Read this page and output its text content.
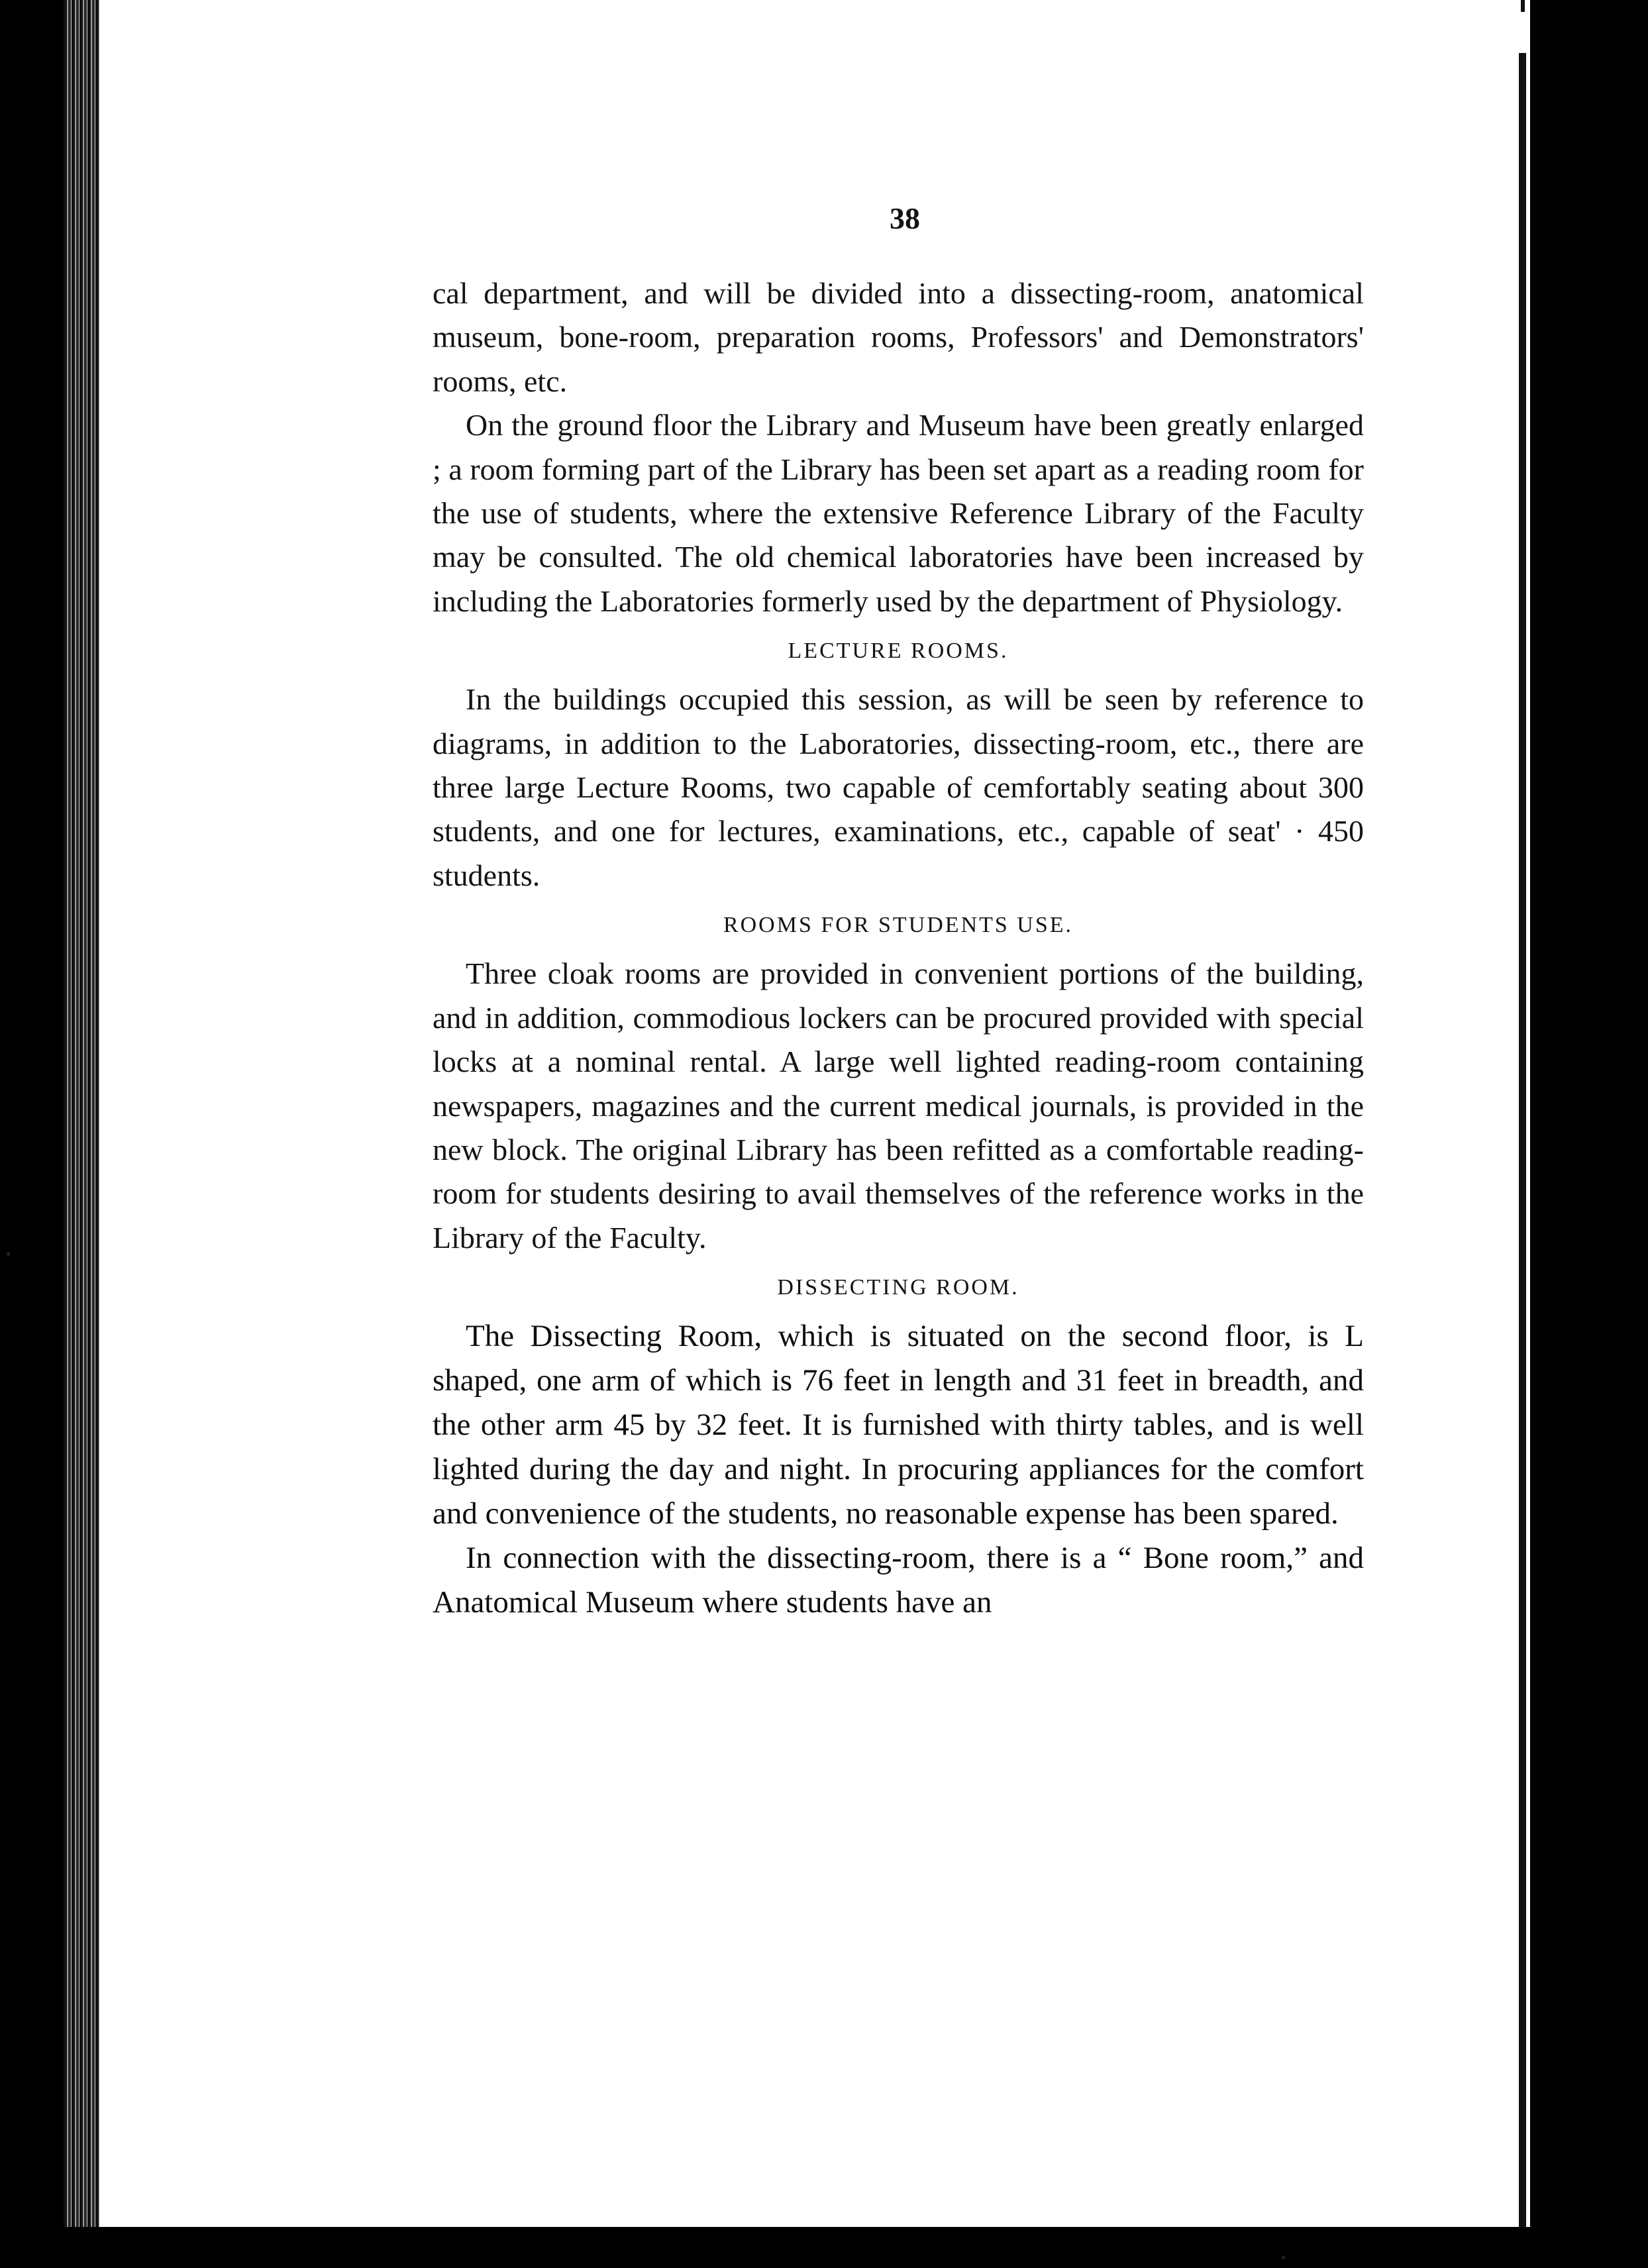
38

cal department, and will be divided into a dissecting-room, anatomical museum, bone-room, preparation rooms, Professors' and Demonstrators' rooms, etc.

On the ground floor the Library and Museum have been greatly enlarged ; a room forming part of the Library has been set apart as a reading room for the use of students, where the extensive Reference Library of the Faculty may be consulted. The old chemical laboratories have been increased by including the Laboratories formerly used by the department of Physiology.

LECTURE ROOMS.

In the buildings occupied this session, as will be seen by reference to diagrams, in addition to the Laboratories, dissecting-room, etc., there are three large Lecture Rooms, two capable of cemfortably seating about 300 students, and one for lectures, examinations, etc., capable of seat' · 450 students.

ROOMS FOR STUDENTS USE.

Three cloak rooms are provided in convenient portions of the building, and in addition, commodious lockers can be procured provided with special locks at a nominal rental. A large well lighted reading-room containing newspapers, magazines and the current medical journals, is provided in the new block. The original Library has been refitted as a comfortable reading-room for students desiring to avail themselves of the reference works in the Library of the Faculty.

DISSECTING ROOM.

The Dissecting Room, which is situated on the second floor, is L shaped, one arm of which is 76 feet in length and 31 feet in breadth, and the other arm 45 by 32 feet. It is furnished with thirty tables, and is well lighted during the day and night. In procuring appliances for the comfort and convenience of the students, no reasonable expense has been spared.

In connection with the dissecting-room, there is a “ Bone room,” and Anatomical Museum where students have an
